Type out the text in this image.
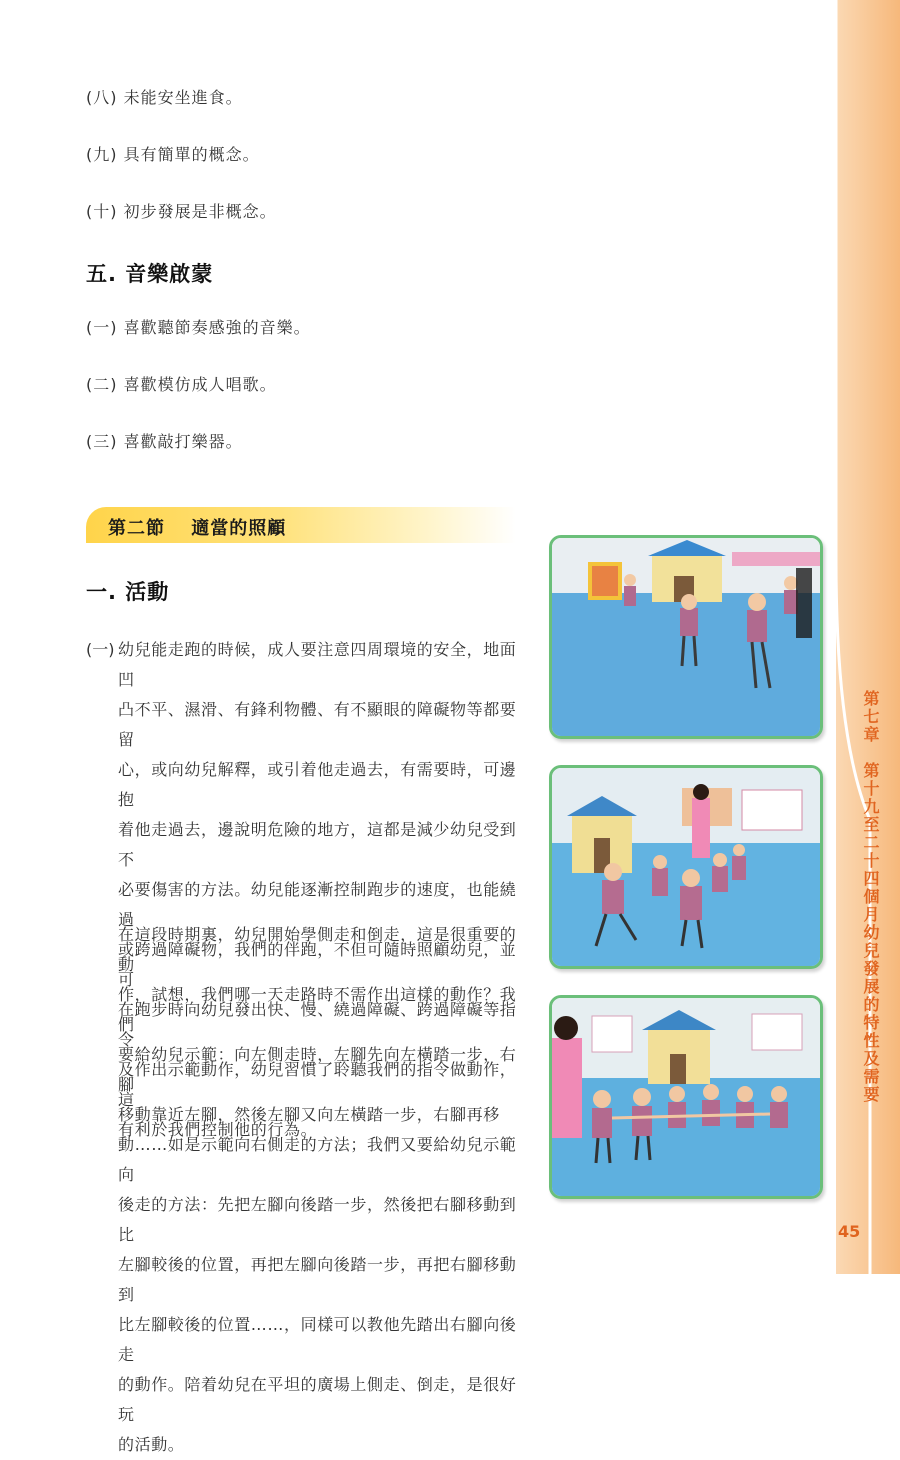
(八) 未能安坐進食。
(九) 具有簡單的概念。
(十) 初步發展是非概念。
五. 音樂啟蒙
(一) 喜歡聽節奏感強的音樂。
(二) 喜歡模仿成人唱歌。
(三) 喜歡敲打樂器。
第二節　 適當的照顧
一. 活動
(一) 幼兒能走跑的時候，成人要注意四周環境的安全，地面凹
凸不平、濕滑、有鋒利物體、有不顯眼的障礙物等都要留
心，或向幼兒解釋，或引着他走過去，有需要時，可邊抱
着他走過去，邊說明危險的地方，這都是減少幼兒受到不
必要傷害的方法。幼兒能逐漸控制跑步的速度，也能繞過
或跨過障礙物，我們的伴跑，不但可隨時照顧幼兒，並可
在跑步時向幼兒發出快、慢、繞過障礙、跨過障礙等指令
及作出示範動作，幼兒習慣了聆聽我們的指令做動作，這
有利於我們控制他的行為。
在這段時期裏，幼兒開始學側走和倒走，這是很重要的動
作，試想，我們哪一天走路時不需作出這樣的動作？我們
要給幼兒示範：向左側走時，左腳先向左橫踏一步，右腳
移動靠近左腳，然後左腳又向左橫踏一步，右腳再移
動……如是示範向右側走的方法；我們又要給幼兒示範向
後走的方法：先把左腳向後踏一步，然後把右腳移動到比
左腳較後的位置，再把左腳向後踏一步，再把右腳移動到
比左腳較後的位置……，同樣可以教他先踏出右腳向後走
的動作。陪着幼兒在平坦的廣場上側走、倒走，是很好玩
的活動。
第七章　第十九至二十四個月幼兒發展的特性及需要
45
